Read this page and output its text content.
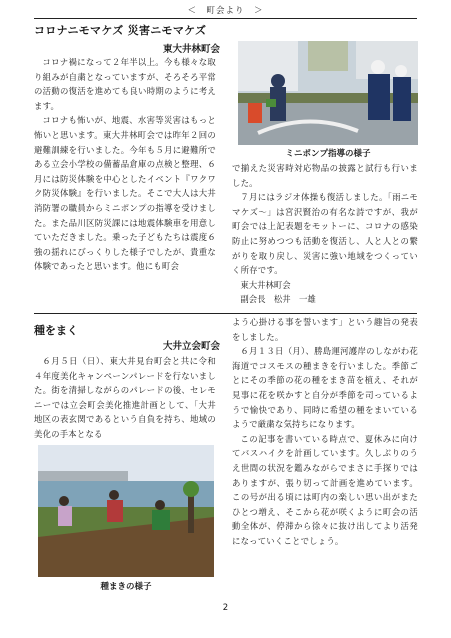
＜　町会より　＞
コロナニモマケズ 災害ニモマケズ
東大井林町会

コロナ禍になって２年半以上。今も様々な取り組みが自粛となっていますが、そろそろ平常の活動の復活を進めても良い時期のように考えます。

コロナも怖いが、地震、水害等災害はもっと怖いと思います。東大井林町会では昨年２回の避難訓練を行いました。今年も５月に避難所である立会小学校の備蓄品倉庫の点検と整理、６月には防災体験を中心としたイベント『ワクワク防災体験』を行いました。そこで大人は大井消防署の職員からミニポンプの指導を受けました。また品川区防災課には地震体験車を用意していただきました。乗った子どもたちは震度６強の揺れにびっくりした様子でしたが、貴重な体験であったと思います。他にも町会

ミニポンプ指導の様子

で揃えた災害時対応物品の披露と試行も行いました。

７月にはラジオ体操も復活しました。「雨ニモマケズ～」は宮沢賢治の有名な詩ですが、我が町会では上記表題をモットーに、コロナの感染防止に努めつつも活動を復活し、人と人との繋がりを取り戻し、災害に強い地域をつくっていく所存です。

東大井林町会

副会長　松井　一雄

種をまく
大井立会町会

６月５日（日）、東大井見台町会と共に令和４年度美化キャンペーンパレードを行ないました。街を清掃しながらのパレードの後、セレモニーでは立会町会美化推進計画として、「大井地区の表玄関であるという自負を持ち、地域の美化の手本となる

種まきの様子

よう心掛ける事を誓います」という趣旨の発表をしました。

６月１３日（月）、勝島運河護岸のしながわ花海道でコスモスの種まきを行いました。季節ごとにその季節の花の種をまき苗を植え、それが見事に花を咲かすと自分が季節を司っているようで愉快であり、同時に希望の種をまいているようで厳粛な気持ちになります。

この記事を書いている時点で、夏休みに向けてバスハイクを計画しています。久しぶりのうえ世間の状況を鑑みながらでまさに手探りではありますが、張り切って計画を進めています。この号が出る頃には町内の楽しい思い出がまたひとつ増え、そこから花が咲くように町会の活動全体が、停滞から徐々に抜け出してより活発になっていくことでしょう。

2
